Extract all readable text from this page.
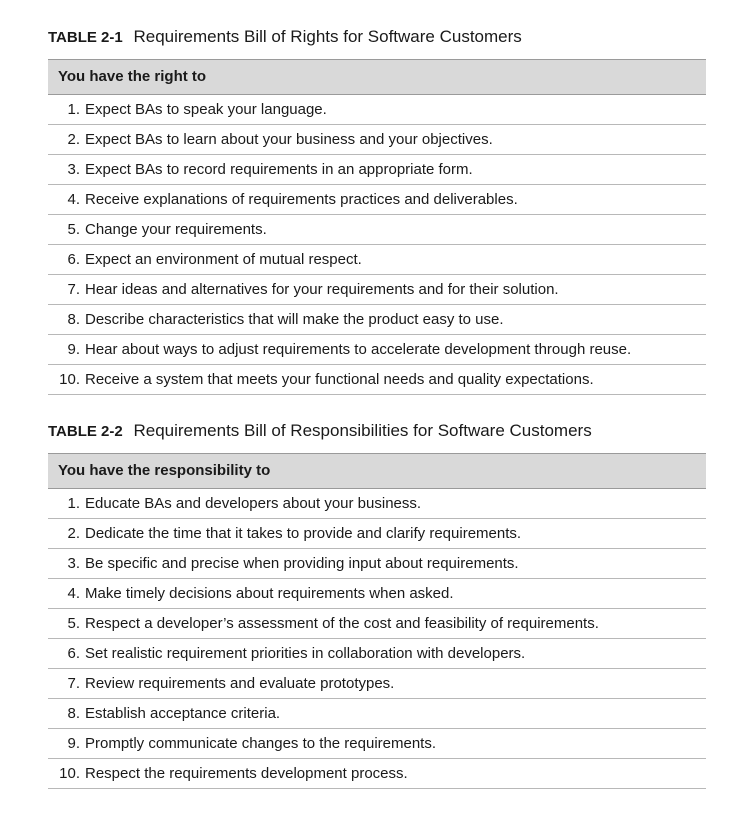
TABLE 2-1 Requirements Bill of Rights for Software Customers
You have the right to
1. Expect BAs to speak your language.
2. Expect BAs to learn about your business and your objectives.
3. Expect BAs to record requirements in an appropriate form.
4. Receive explanations of requirements practices and deliverables.
5. Change your requirements.
6. Expect an environment of mutual respect.
7. Hear ideas and alternatives for your requirements and for their solution.
8. Describe characteristics that will make the product easy to use.
9. Hear about ways to adjust requirements to accelerate development through reuse.
10. Receive a system that meets your functional needs and quality expectations.
TABLE 2-2 Requirements Bill of Responsibilities for Software Customers
You have the responsibility to
1. Educate BAs and developers about your business.
2. Dedicate the time that it takes to provide and clarify requirements.
3. Be specific and precise when providing input about requirements.
4. Make timely decisions about requirements when asked.
5. Respect a developer’s assessment of the cost and feasibility of requirements.
6. Set realistic requirement priorities in collaboration with developers.
7. Review requirements and evaluate prototypes.
8. Establish acceptance criteria.
9. Promptly communicate changes to the requirements.
10. Respect the requirements development process.
